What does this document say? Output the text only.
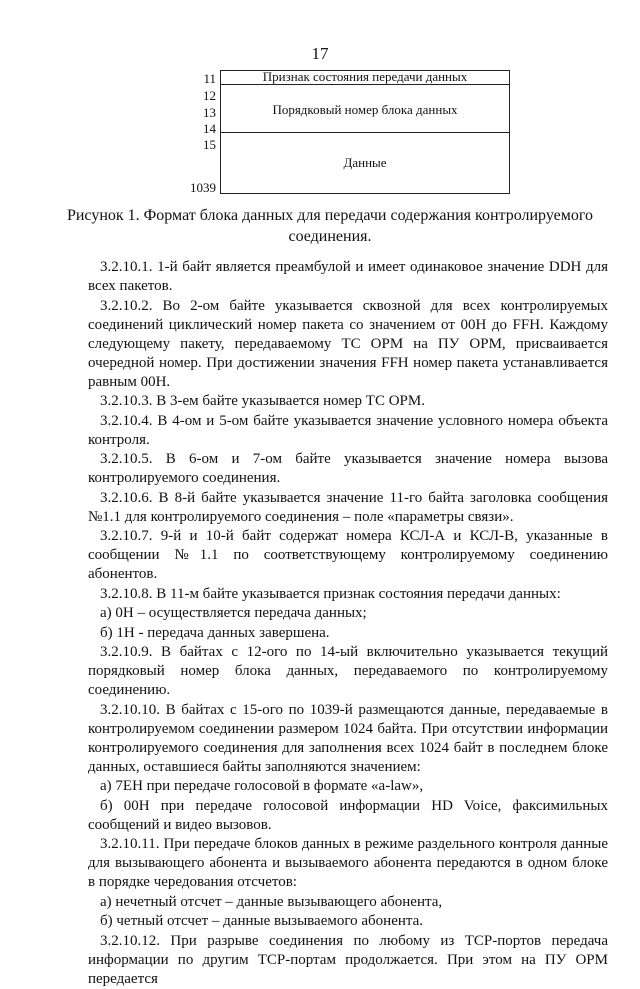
17
11
12
13
14
15
1039
Признак состояния передачи данных
Порядковый номер блока данных
Данные
Рисунок 1. Формат блока данных для передачи содержания контролируемого соединения.

3.2.10.1. 1-й байт является преамбулой и имеет одинаковое значение DDH для всех пакетов.

3.2.10.2. Во 2-ом байте указывается сквозной для всех контролируемых соединений циклический номер пакета со значением от 00H до FFH. Каждому следующему пакету, передаваемому ТС ОРМ на ПУ ОРМ, присваивается очередной номер. При достижении значения FFH номер пакета устанавливается равным 00H.

3.2.10.3. В 3-ем байте указывается номер ТС ОРМ.

3.2.10.4. В 4-ом и 5-ом байте указывается значение условного номера объекта контроля.

3.2.10.5. В 6-ом и 7-ом байте указывается значение номера вызова контролируемого соединения.

3.2.10.6. В 8-й байте указывается значение 11-го байта заголовка сообщения №1.1 для контролируемого соединения – поле «параметры связи».

3.2.10.7. 9-й и 10-й байт содержат номера КСЛ-А и КСЛ-В, указанные в сообщении №1.1 по соответствующему контролируемому соединению абонентов.

3.2.10.8. В 11-м байте указывается признак состояния передачи данных:

а) 0H – осуществляется передача данных;

б) 1H - передача данных завершена.

3.2.10.9. В байтах с 12-ого по 14-ый включительно указывается текущий порядковый номер блока данных, передаваемого по контролируемому соединению.

3.2.10.10. В байтах с 15-ого по 1039-й размещаются данные, передаваемые в контролируемом соединении размером 1024 байта. При отсутствии информации контролируемого соединения для заполнения всех 1024 байт в последнем блоке данных, оставшиеся байты заполняются значением:

а) 7EH при передаче голосовой в формате «a-law»,

б) 00H при передаче голосовой информации HD Voice, факсимильных сообщений и видео вызовов.

3.2.10.11. При передаче блоков данных в режиме раздельного контроля данные для вызывающего абонента и вызываемого абонента передаются в одном блоке в порядке чередования отсчетов:

а) нечетный отсчет – данные вызывающего абонента,

б) четный отсчет – данные вызываемого абонента.

3.2.10.12. При разрыве соединения по любому из TCP-портов передача информации по другим TCP-портам продолжается. При этом на ПУ ОРМ передается
